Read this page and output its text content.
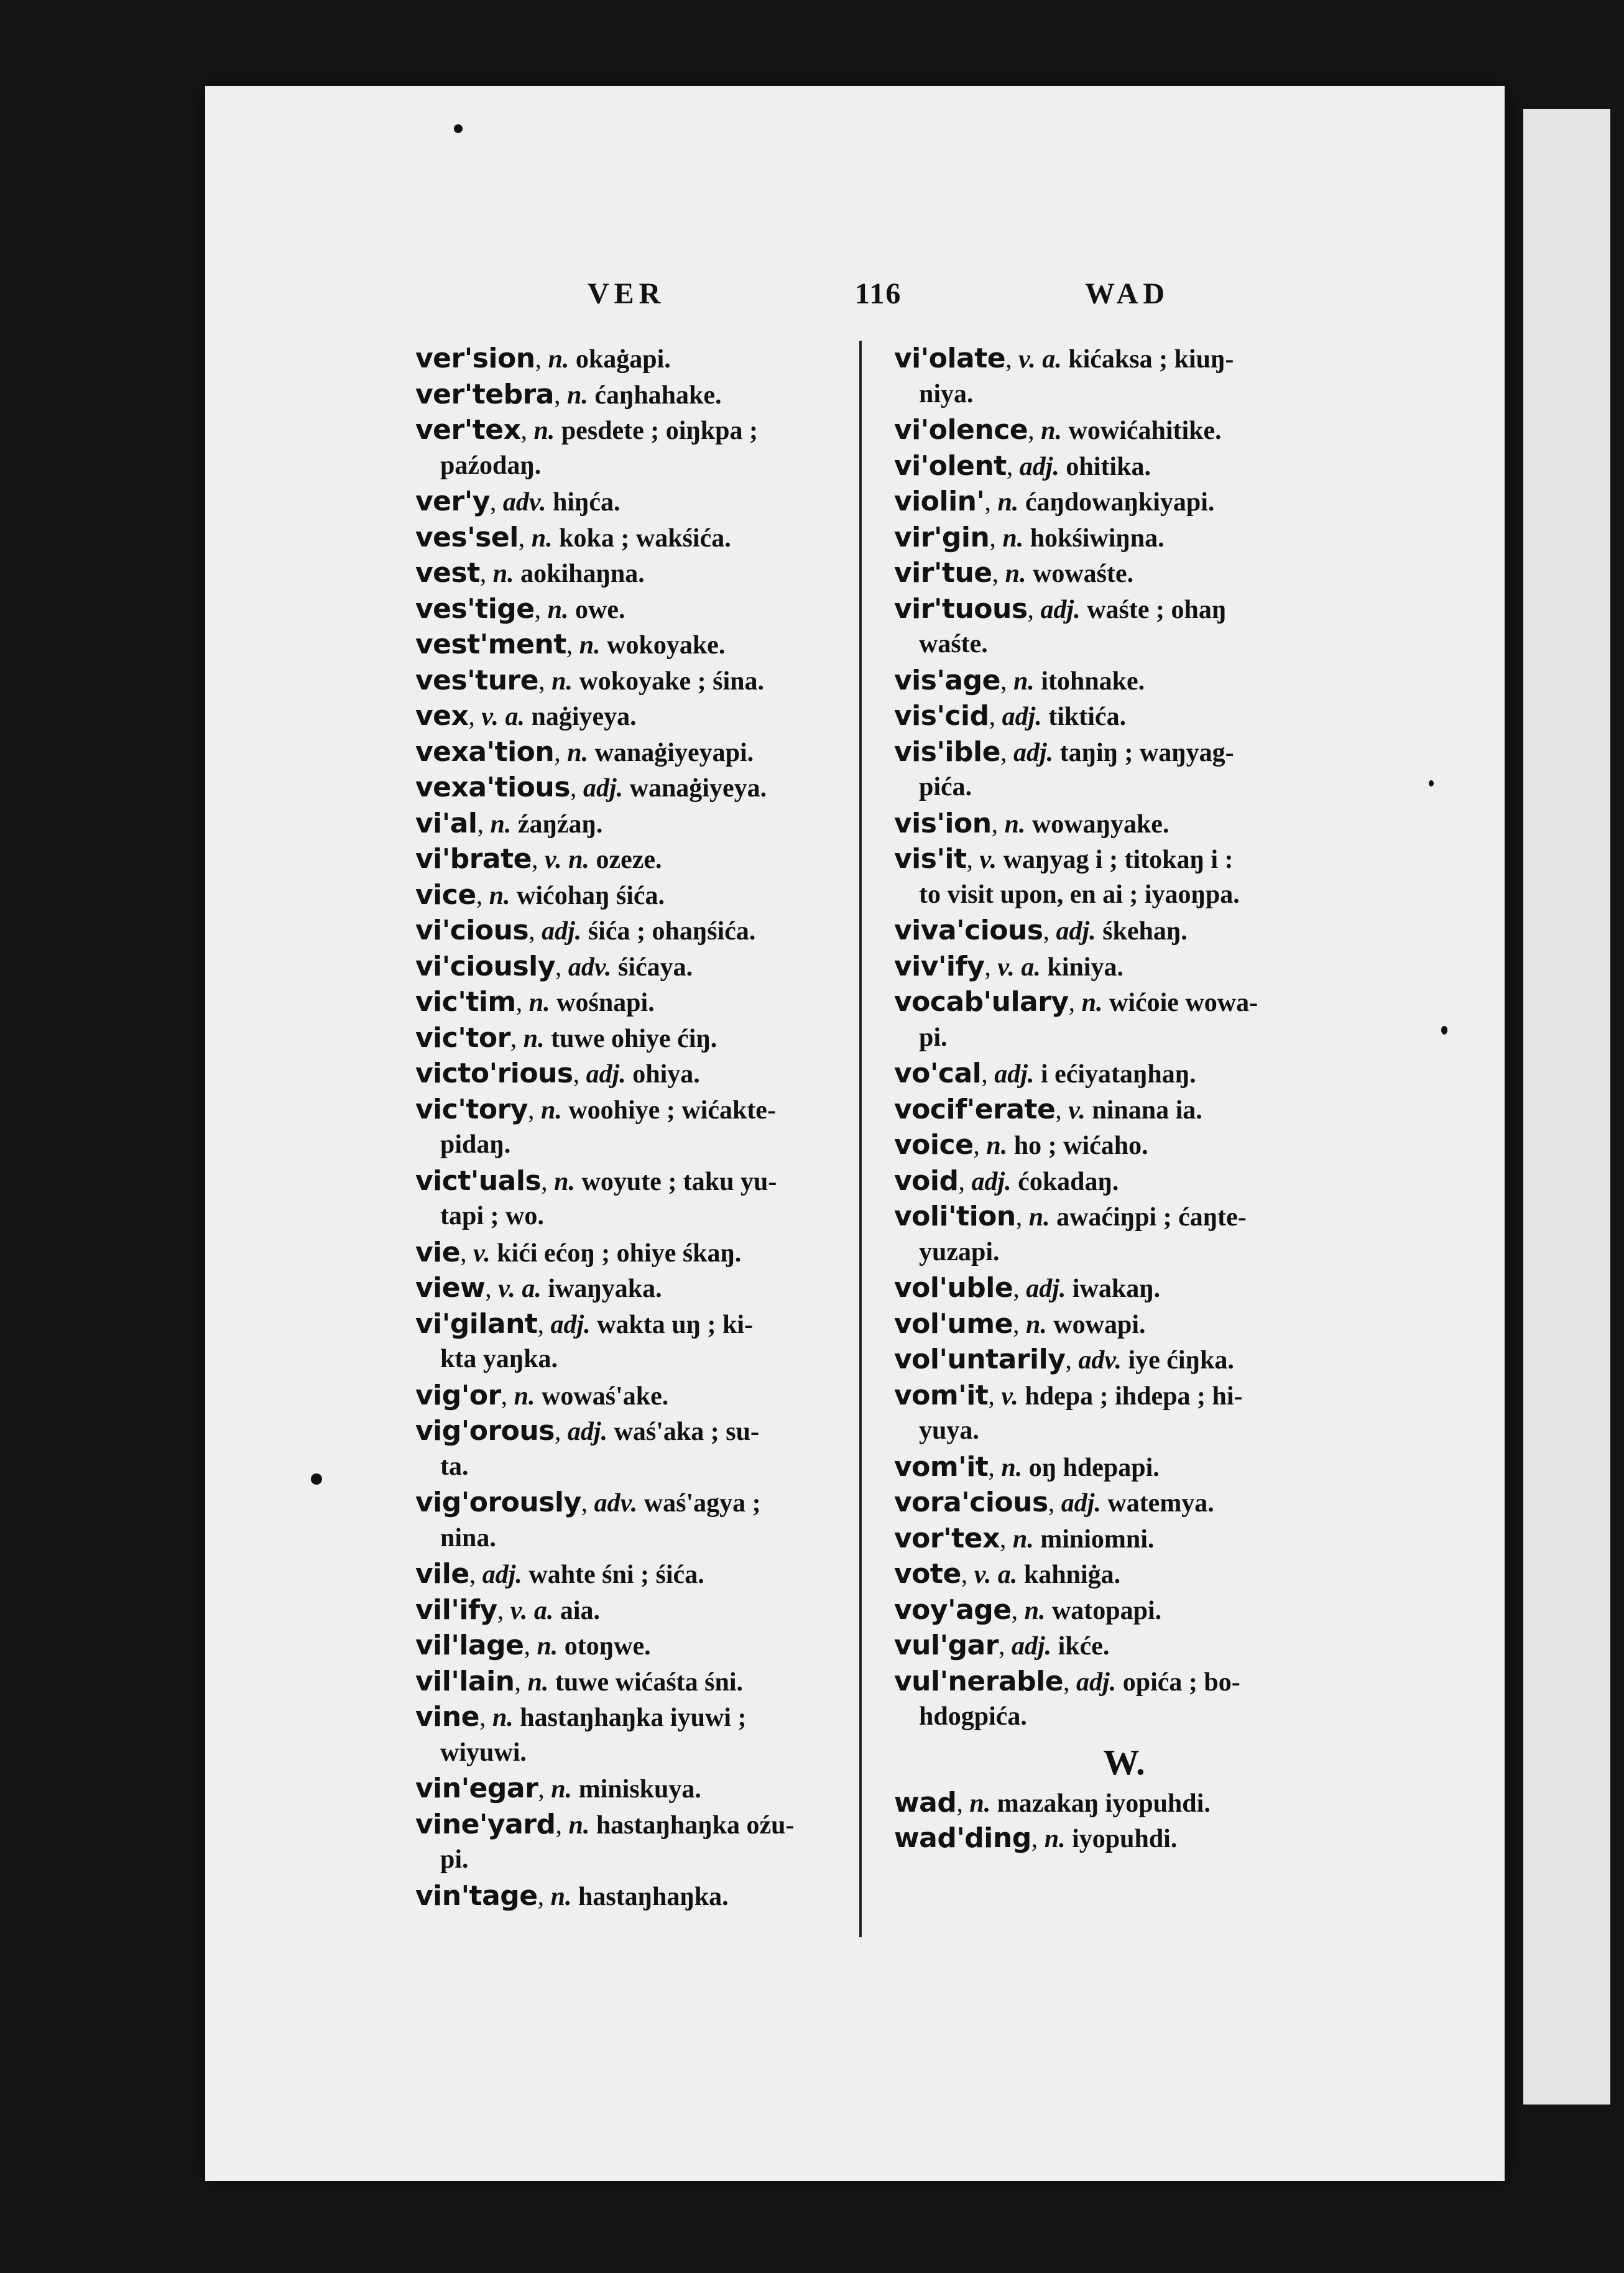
VER	116	WAD
ver'sion, n. okaġapi.
ver'tebra, n. ćaŋhahake.
ver'tex, n. pesdete ; oiŋkpa ;
paźodaŋ.
ver'y, adv. hiŋća.
ves'sel, n. koka ; wakśića.
vest, n. aokihaŋna.
ves'tige, n. owe.
vest'ment, n. wokoyake.
ves'ture, n. wokoyake ; śina.
vex, v. a. naġiyeya.
vexa'tion, n. wanaġiyeyapi.
vexa'tious, adj. wanaġiyeya.
vi'al, n. źaŋźaŋ.
vi'brate, v. n. ozeze.
vice, n. wićohaŋ śića.
vi'cious, adj. śića ; ohaŋśića.
vi'ciously, adv. śićaya.
vic'tim, n. wośnapi.
vic'tor, n. tuwe ohiye ćiŋ.
victo'rious, adj. ohiya.
vic'tory, n. woohiye ; wićakte-
pidaŋ.
vict'uals, n. woyute ; taku yu-
tapi ; wo.
vie, v. kići ećoŋ ; ohiye śkaŋ.
view, v. a. iwaŋyaka.
vi'gilant, adj. wakta uŋ ; ki-
kta yaŋka.
vig'or, n. wowaś'ake.
vig'orous, adj. waś'aka ; su-
ta.
vig'orously, adv. waś'agya ;
nina.
vile, adj. wahte śni ; śića.
vil'ify, v. a. aia.
vil'lage, n. otoŋwe.
vil'lain, n. tuwe wićaśta śni.
vine, n. hastaŋhaŋka iyuwi ;
wiyuwi.
vin'egar, n. miniskuya.
vine'yard, n. hastaŋhaŋka oźu-
pi.
vin'tage, n. hastaŋhaŋka.
vi'olate, v. a. kićaksa ; kiuŋ-
niya.
vi'olence, n. wowićahitike.
vi'olent, adj. ohitika.
violin', n. ćaŋdowaŋkiyapi.
vir'gin, n. hokśiwiŋna.
vir'tue, n. wowaśte.
vir'tuous, adj. waśte ; ohaŋ
waśte.
vis'age, n. itohnake.
vis'cid, adj. tiktića.
vis'ible, adj. taŋiŋ ; waŋyag-
pića.
vis'ion, n. wowaŋyake.
vis'it, v. waŋyag i ; titokaŋ i :
to visit upon, en ai ; iyaoŋpa.
viva'cious, adj. śkehaŋ.
viv'ify, v. a. kiniya.
vocab'ulary, n. wićoie wowa-
pi.
vo'cal, adj. i ećiyataŋhaŋ.
vocif'erate, v. ninana ia.
voice, n. ho ; wićaho.
void, adj. ćokadaŋ.
voli'tion, n. awaćiŋpi ; ćaŋte-
yuzapi.
vol'uble, adj. iwakaŋ.
vol'ume, n. wowapi.
vol'untarily, adv. iye ćiŋka.
vom'it, v. hdepa ; ihdepa ; hi-
yuya.
vom'it, n. oŋ hdepapi.
vora'cious, adj. watemya.
vor'tex, n. miniomni.
vote, v. a. kahniġa.
voy'age, n. watopapi.
vul'gar, adj. ikće.
vul'nerable, adj. opića ; bo-
hdogpića.
W.
wad, n. mazakaŋ iyopuhdi.
wad'ding, n. iyopuhdi.
